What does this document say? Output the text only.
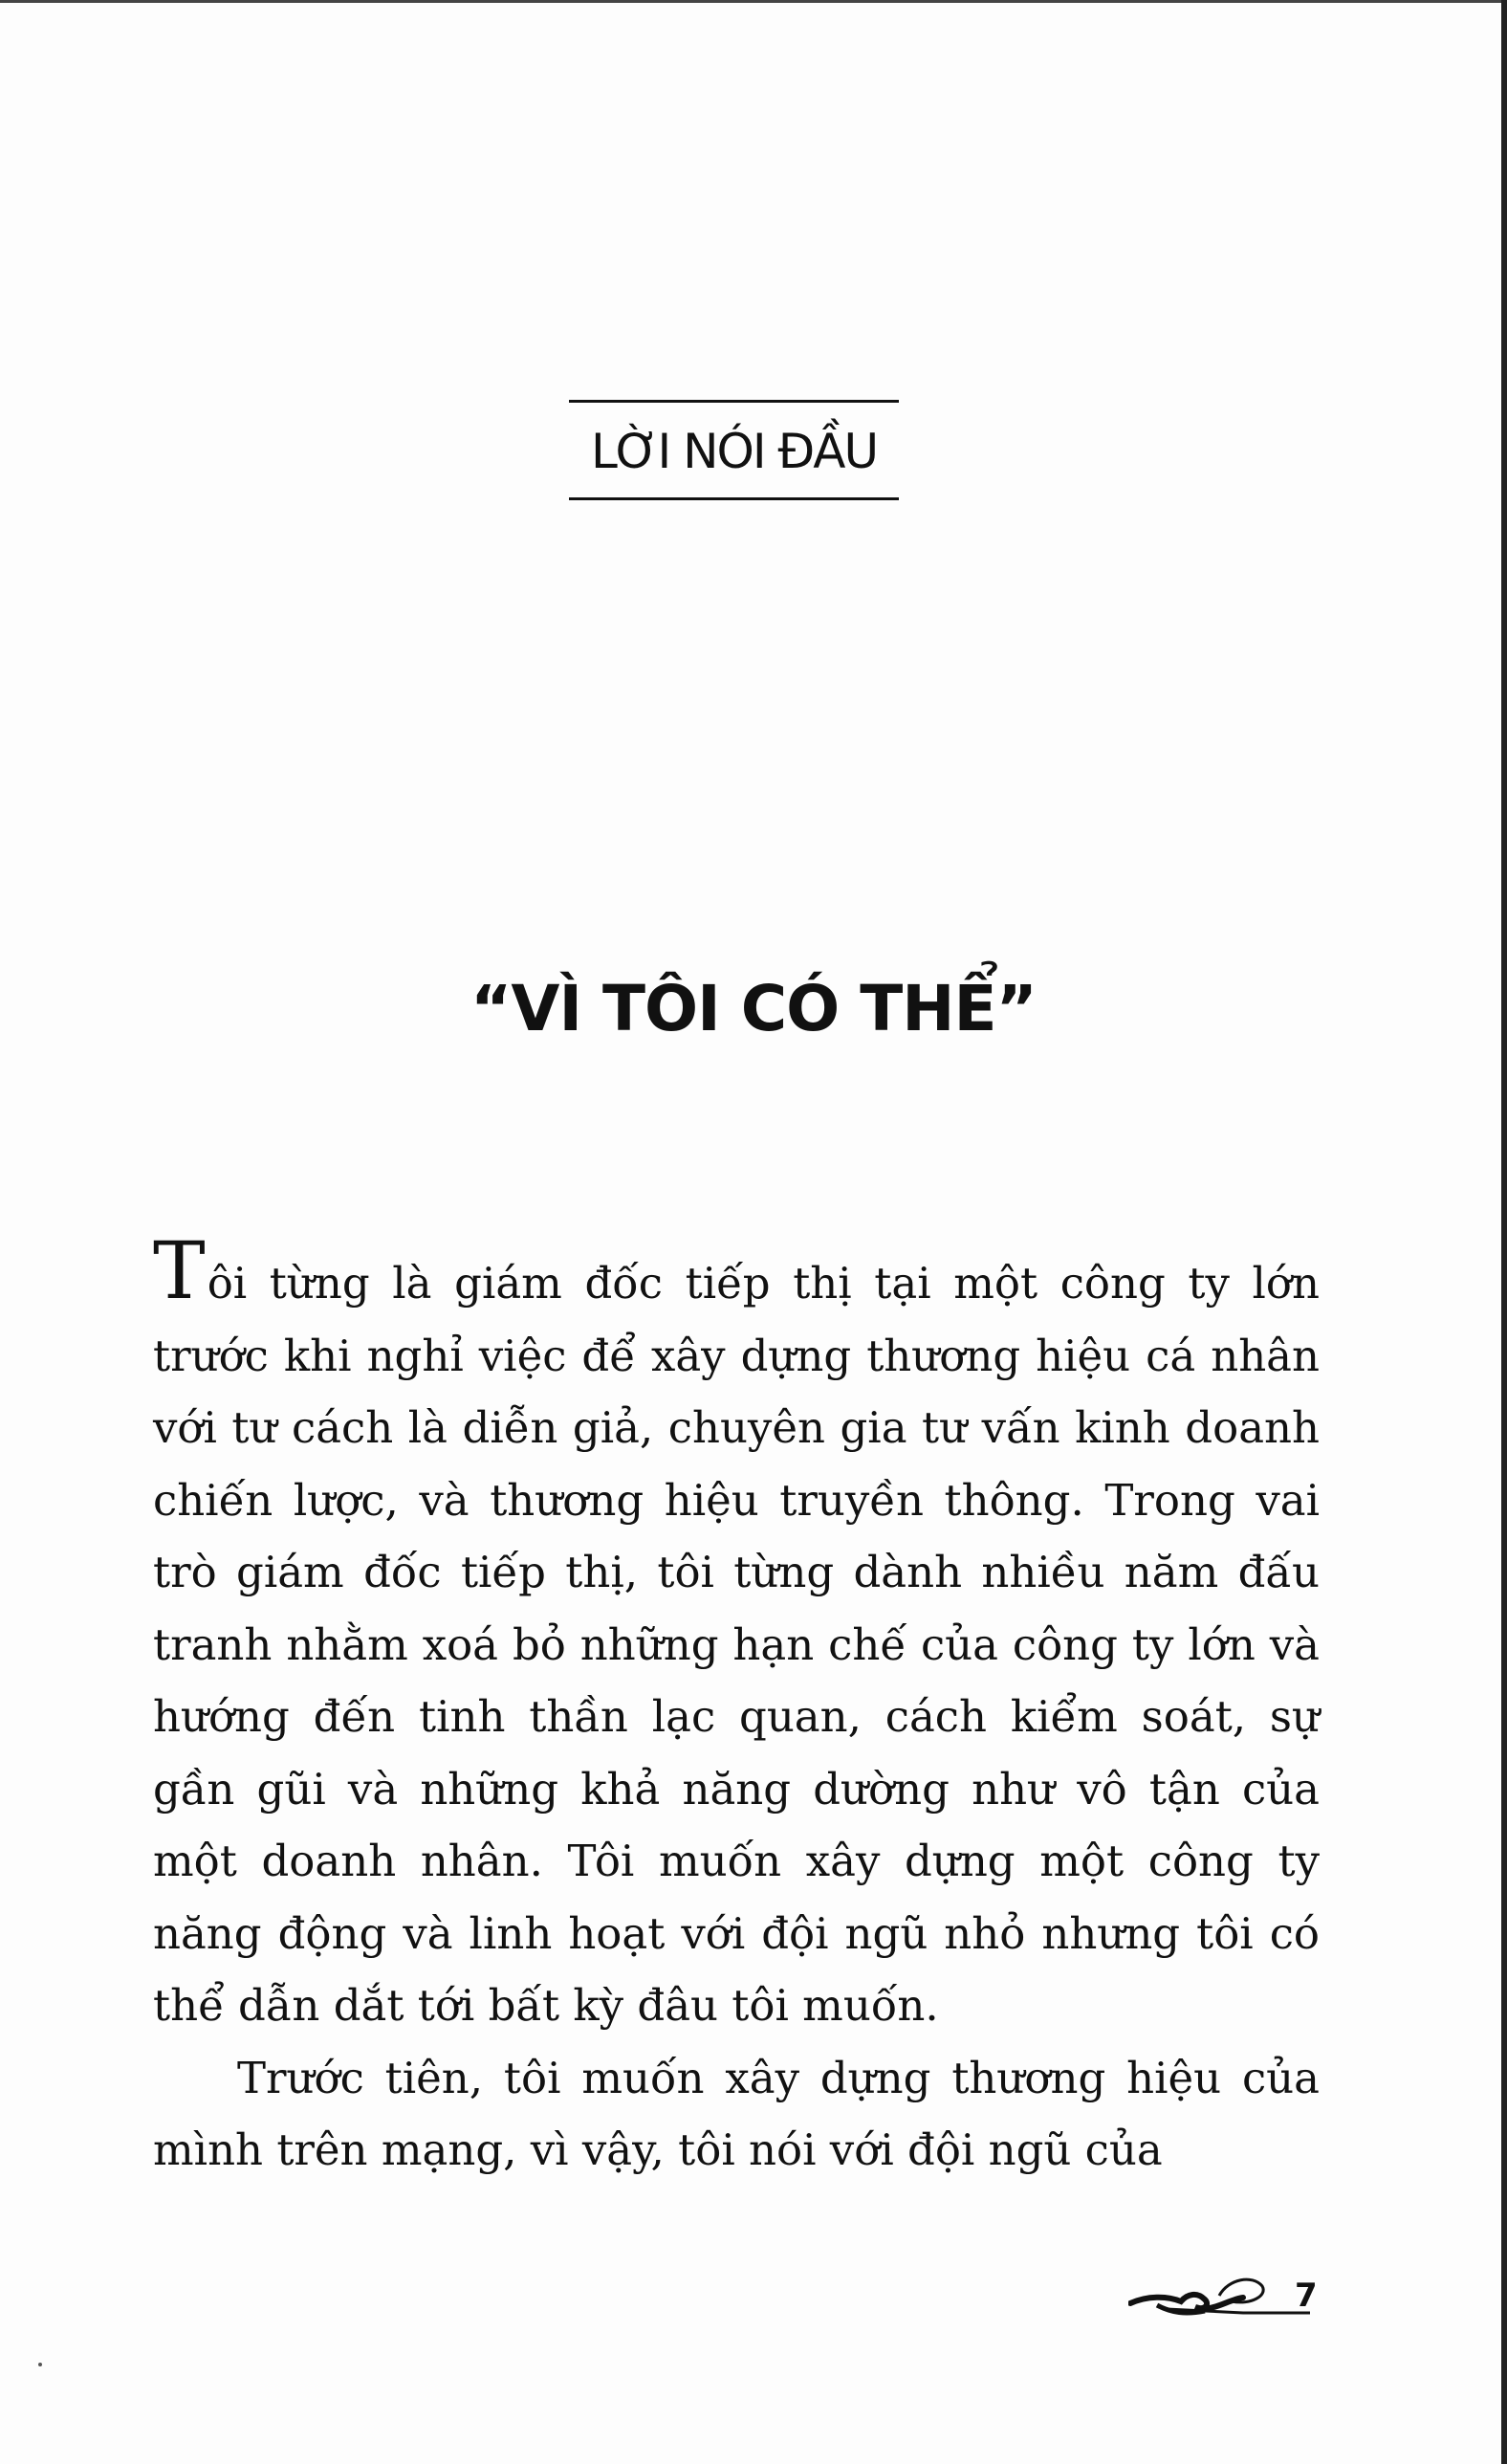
LỜI NÓI ĐẦU
“VÌ TÔI CÓ THỂ”

Tôi từng là giám đốc tiếp thị tại một công ty lớn trước khi nghỉ việc để xây dựng thương hiệu cá nhân với tư cách là diễn giả, chuyên gia tư vấn kinh doanh chiến lược, và thương hiệu truyền thông. Trong vai trò giám đốc tiếp thị, tôi từng dành nhiều năm đấu tranh nhằm xoá bỏ những hạn chế của công ty lớn và hướng đến tinh thần lạc quan, cách kiểm soát, sự gần gũi và những khả năng dường như vô tận của một doanh nhân. Tôi muốn xây dựng một công ty năng động và linh hoạt với đội ngũ nhỏ nhưng tôi có thể dẫn dắt tới bất kỳ đâu tôi muốn.

Trước tiên, tôi muốn xây dựng thương hiệu của mình trên mạng, vì vậy, tôi nói với đội ngũ của

7
